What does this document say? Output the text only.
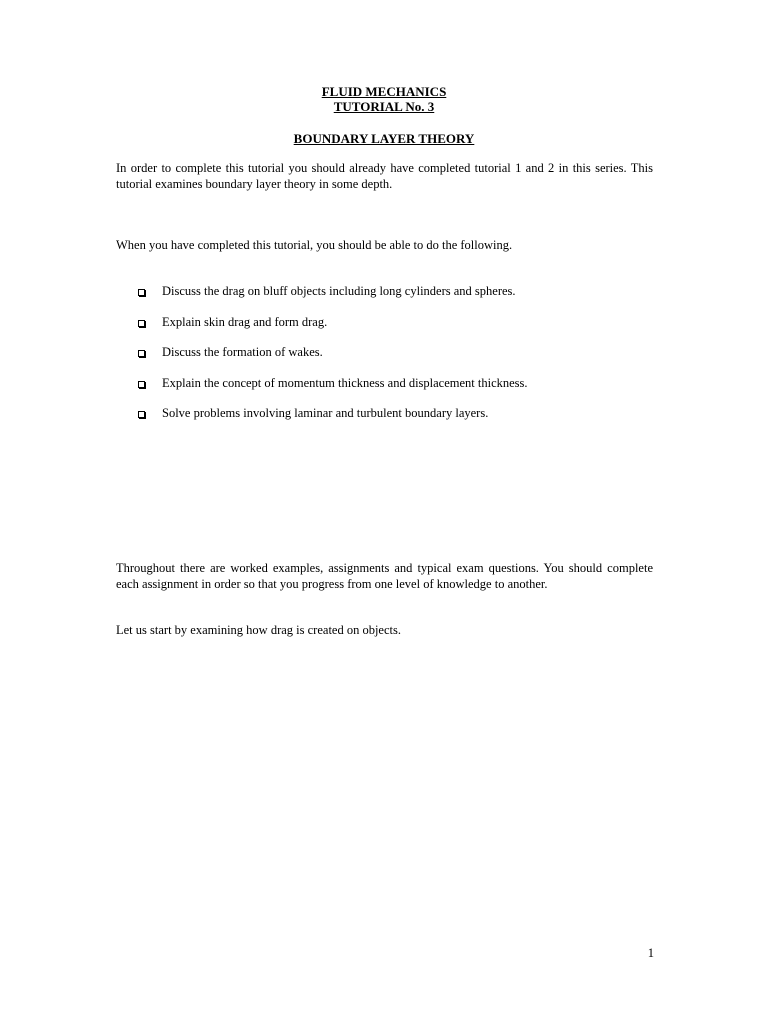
FLUID MECHANICS
TUTORIAL No. 3
BOUNDARY LAYER THEORY

In order to complete this tutorial you should already have completed tutorial 1 and 2 in this series. This tutorial examines boundary layer theory in some depth.

When you have completed this tutorial, you should be able to do the following.

Discuss the drag on bluff objects including long cylinders and spheres.
Explain skin drag and form drag.
Discuss the formation of wakes.
Explain the concept of momentum thickness and displacement thickness.
Solve problems involving laminar and turbulent boundary layers.

Throughout there are worked examples, assignments and typical exam questions. You should complete each assignment in order so that you progress from one level of knowledge to another.

Let us start by examining how drag is created on objects.

1
